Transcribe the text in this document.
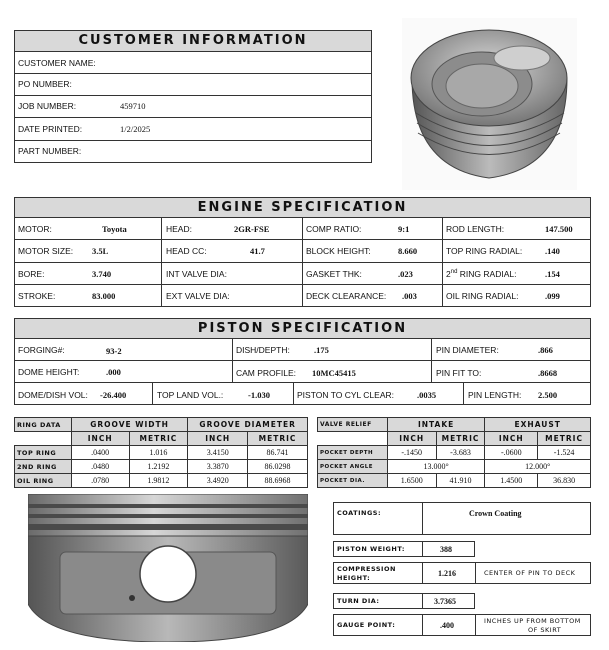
CUSTOMER INFORMATION
CUSTOMER NAME:
PO NUMBER:
JOB NUMBER:	459710
DATE PRINTED:	1/2/2025
PART NUMBER:
ENGINE SPECIFICATION
MOTOR:	Toyota	HEAD:	2GR-FSE	COMP RATIO:	9:1	ROD LENGTH:	147.500
MOTOR SIZE: 3.5L	HEAD CC:	41.7	BLOCK HEIGHT:	8.660	TOP RING RADIAL:	.140
BORE:	3.740	INT VALVE DIA:	GASKET THK:	.023	2nd RING RADIAL:	.154
STROKE:	83.000	EXT VALVE DIA:	DECK CLEARANCE: .003	OIL RING RADIAL:	.099
PISTON SPECIFICATION
FORGING#:	93-2	DISH/DEPTH:	.175	PIN DIAMETER:	.866
DOME HEIGHT:	.000	CAM PROFILE: 10MC45415	PIN FIT TO:	.8668
DOME/DISH VOL: -26.400	TOP LAND VOL.:	-1.030	PISTON TO CYL CLEAR:	.0035	PIN LENGTH: 2.500
RING DATA	GROOVE WIDTH		GROOVE DIAMETER	
	INCH	METRIC	INCH	METRIC
TOP RING	.0400	1.016	3.4150	86.741
2ND RING	.0480	1.2192	3.3870	86.0298
OIL RING	.0780	1.9812	3.4920	88.6968
VALVE RELIEF	INTAKE		EXHAUST	
	INCH	METRIC	INCH	METRIC
POCKET DEPTH	-.1450	-3.683	-.0600	-1.524
POCKET ANGLE	13.000°		12.000°	
POCKET DIA.	1.6500	41.910	1.4500	36.830
COATINGS:	Crown Coating
PISTON WEIGHT:	388
COMPRESSION
HEIGHT:	1.216	CENTER OF PIN TO DECK
TURN DIA:	3.7365
GAUGE POINT:	.400	INCHES UP FROM BOTTOM
OF SKIRT
